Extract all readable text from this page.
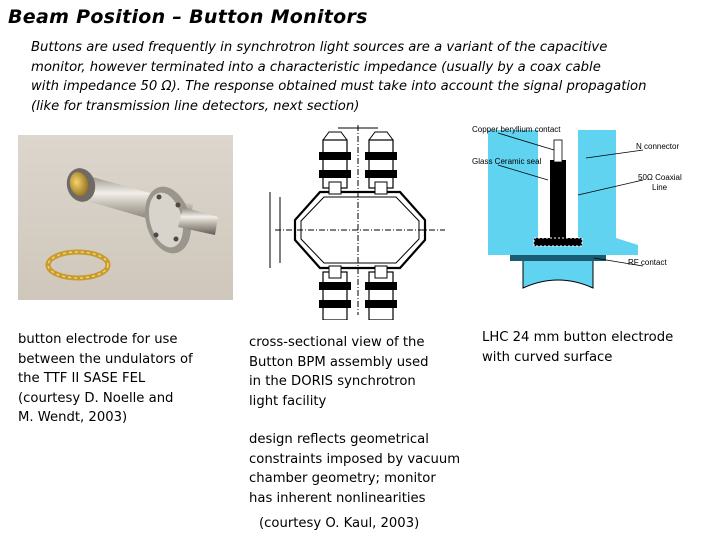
Beam Position – Button Monitors
Buttons are used frequently in synchrotron light sources are a variant of the capacitive
monitor, however terminated into a characteristic impedance (usually by a coax cable
with impedance 50 Ω). The response obtained must take into account the signal propagation
(like for transmission line detectors, next section)
button electrode for use
between the undulators of
the TTF II SASE FEL
(courtesy D. Noelle and
M. Wendt, 2003)
Copper beryllium contact
N connector
Glass Ceramic seal
50Ω Coaxial
Line
RF contact
cross-sectional view of the
Button BPM assembly used
in the DORIS synchrotron
light facility
design reflects geometrical
constraints imposed by vacuum
chamber geometry; monitor
has inherent nonlinearities
(courtesy O. Kaul, 2003)
LHC 24 mm button electrode
with curved surface
